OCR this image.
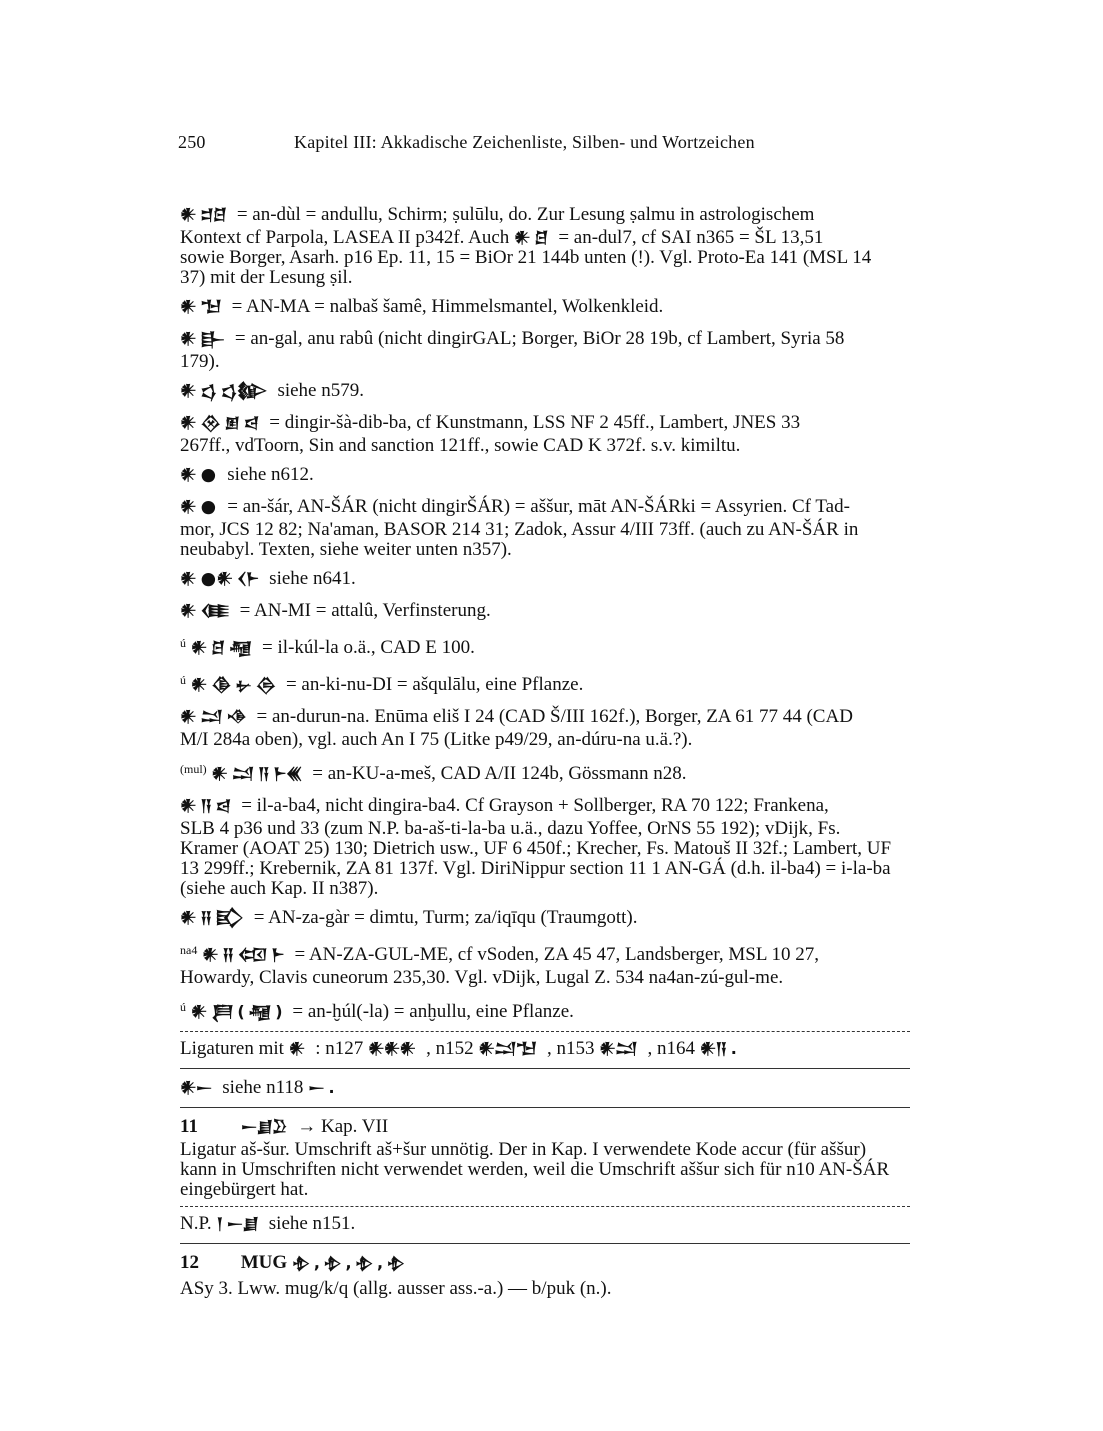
250	Kapitel III: Akkadische Zeichenliste, Silben- und Wortzeichen
𒀭 𒄑𒆪 = an-dùl = andullu, Schirm; ṣulūlu, do. Zur Lesung ṣalmu in astrologischem
Kontext cf Parpola, LASEA II p342f. Auch 𒀭 𒆪 = an-dul7, cf SAI n365 = ŠL 13,51
sowie Borger, Asarh. p16 Ep. 11, 15 = BiOr 21 144b unten (!). Vgl. Proto-Ea 141 (MSL 14
37) mit der Lesung ṣil.
𒀭 𒈠 = AN-MA = nalbaš šamê, Himmelsmantel, Wolkenkleid.
𒀭 𒃲 = an-gal, anu rabû (nicht dingirGAL; Borger, BiOr 28 19b, cf Lambert, Syria 58
179).
𒀭 𒌓 𒌓𒁰 siehe n579.
𒀭 𒊮 𒁳 𒁀 = dingir-šà-dib-ba, cf Kunstmann, LSS NF 2 45ff., Lambert, JNES 33
267ff., vdToorn, Sin and sanction 121ff., sowie CAD K 372f. s.v. kimiltu.
𒀭 𒊹 siehe n612.
𒀭 𒊹 = an-šár, AN-ŠÁR (nicht dingirŠÁR) = aššur, māt AN-ŠÁRki = Assyrien. Cf Tad-
mor, JCS 12 82; Na'aman, BASOR 214 31; Zadok, Assur 4/III 73ff. (auch zu AN-ŠÁR in
neubabyl. Texten, siehe weiter unten n357).
𒀭 𒊹𒀭 𒌋𒈨 siehe n641.
𒀭 𒈪 = AN-MI = attalû, Verfinsterung.
$^ú$ 𒀭 𒆪 𒆷 = il-kúl-la o.ä., CAD E 100.
$^ú$ 𒀭 𒆠 𒉡 𒁲 = an-ki-nu-DI = ašqulālu, eine Pflanze.
𒀭 𒁺 𒈾 = an-durun-na. Enūma eliš I 24 (CAD Š/III 162f.), Borger, ZA 61 77 44 (CAD
M/I 284a oben), vgl. auch An I 75 (Litke p49/29, an-dúru-na u.ä.?).
$^{(mul)}$ 𒀭 𒁺 𒀀 𒈨𒌍 = an-KU-a-meš, CAD A/II 124b, Gössmann n28.
𒀭 𒀀 𒁀 = il-a-ba4, nicht dingira-ba4. Cf Grayson + Sollberger, RA 70 122; Frankena,
SLB 4 p36 und 33 (zum N.P. ba-aš-ti-la-ba u.ä., dazu Yoffee, OrNS 55 192); vDijk, Fs.
Kramer (AOAT 25) 130; Dietrich usw., UF 6 450f.; Krecher, Fs. Matouš II 32f.; Lambert, UF
13 299ff.; Krebernik, ZA 81 137f. Vgl. DiriNippur section 11 1 AN-GÁ (d.h. il-ba4) = i-la-ba
(siehe auch Kap. II n387).
𒀭 𒍝 𒃼 = AN-za-gàr = dimtu, Turm; za/iqīqu (Traumgott).
$^{na4}$ 𒀭 𒍝 𒄢 𒈨 = AN-ZA-GUL-ME, cf vSoden, ZA 45 47, Landsberger, MSL 10 27,
Howardy, Clavis cuneorum 235,30. Vgl. vDijk, Lugal Z. 534 na4an-zú-gul-me.
$^ú$ 𒀭 𒄾 ( 𒆷 ) = an-ḫúl(-la) = anḫullu, eine Pflanze.
Ligaturen mit 𒀭 : n127 𒀭𒀭𒀭 , n152 𒀭𒁺𒈠 , n153 𒀭𒁺 , n164 𒀭𒀀 .
𒀭𒀸 siehe n118 𒀸 .
11	𒀸𒋗𒊒 → Kap. VII
Ligatur aš-šur. Umschrift aš+šur unnötig. Der in Kap. I verwendete Kode accur (für aššur)
kann in Umschriften nicht verwendet werden, weil die Umschrift aššur sich für n10 AN-ŠÁR
eingebürgert hat.
N.P. 𒁹 𒀸𒋗 siehe n151.
12 MUG 𒈮 , 𒈮 , 𒈮 , 𒈮
ASy 3. Lww. mug/k/q (allg. ausser ass.-a.) — b/puk (n.).
